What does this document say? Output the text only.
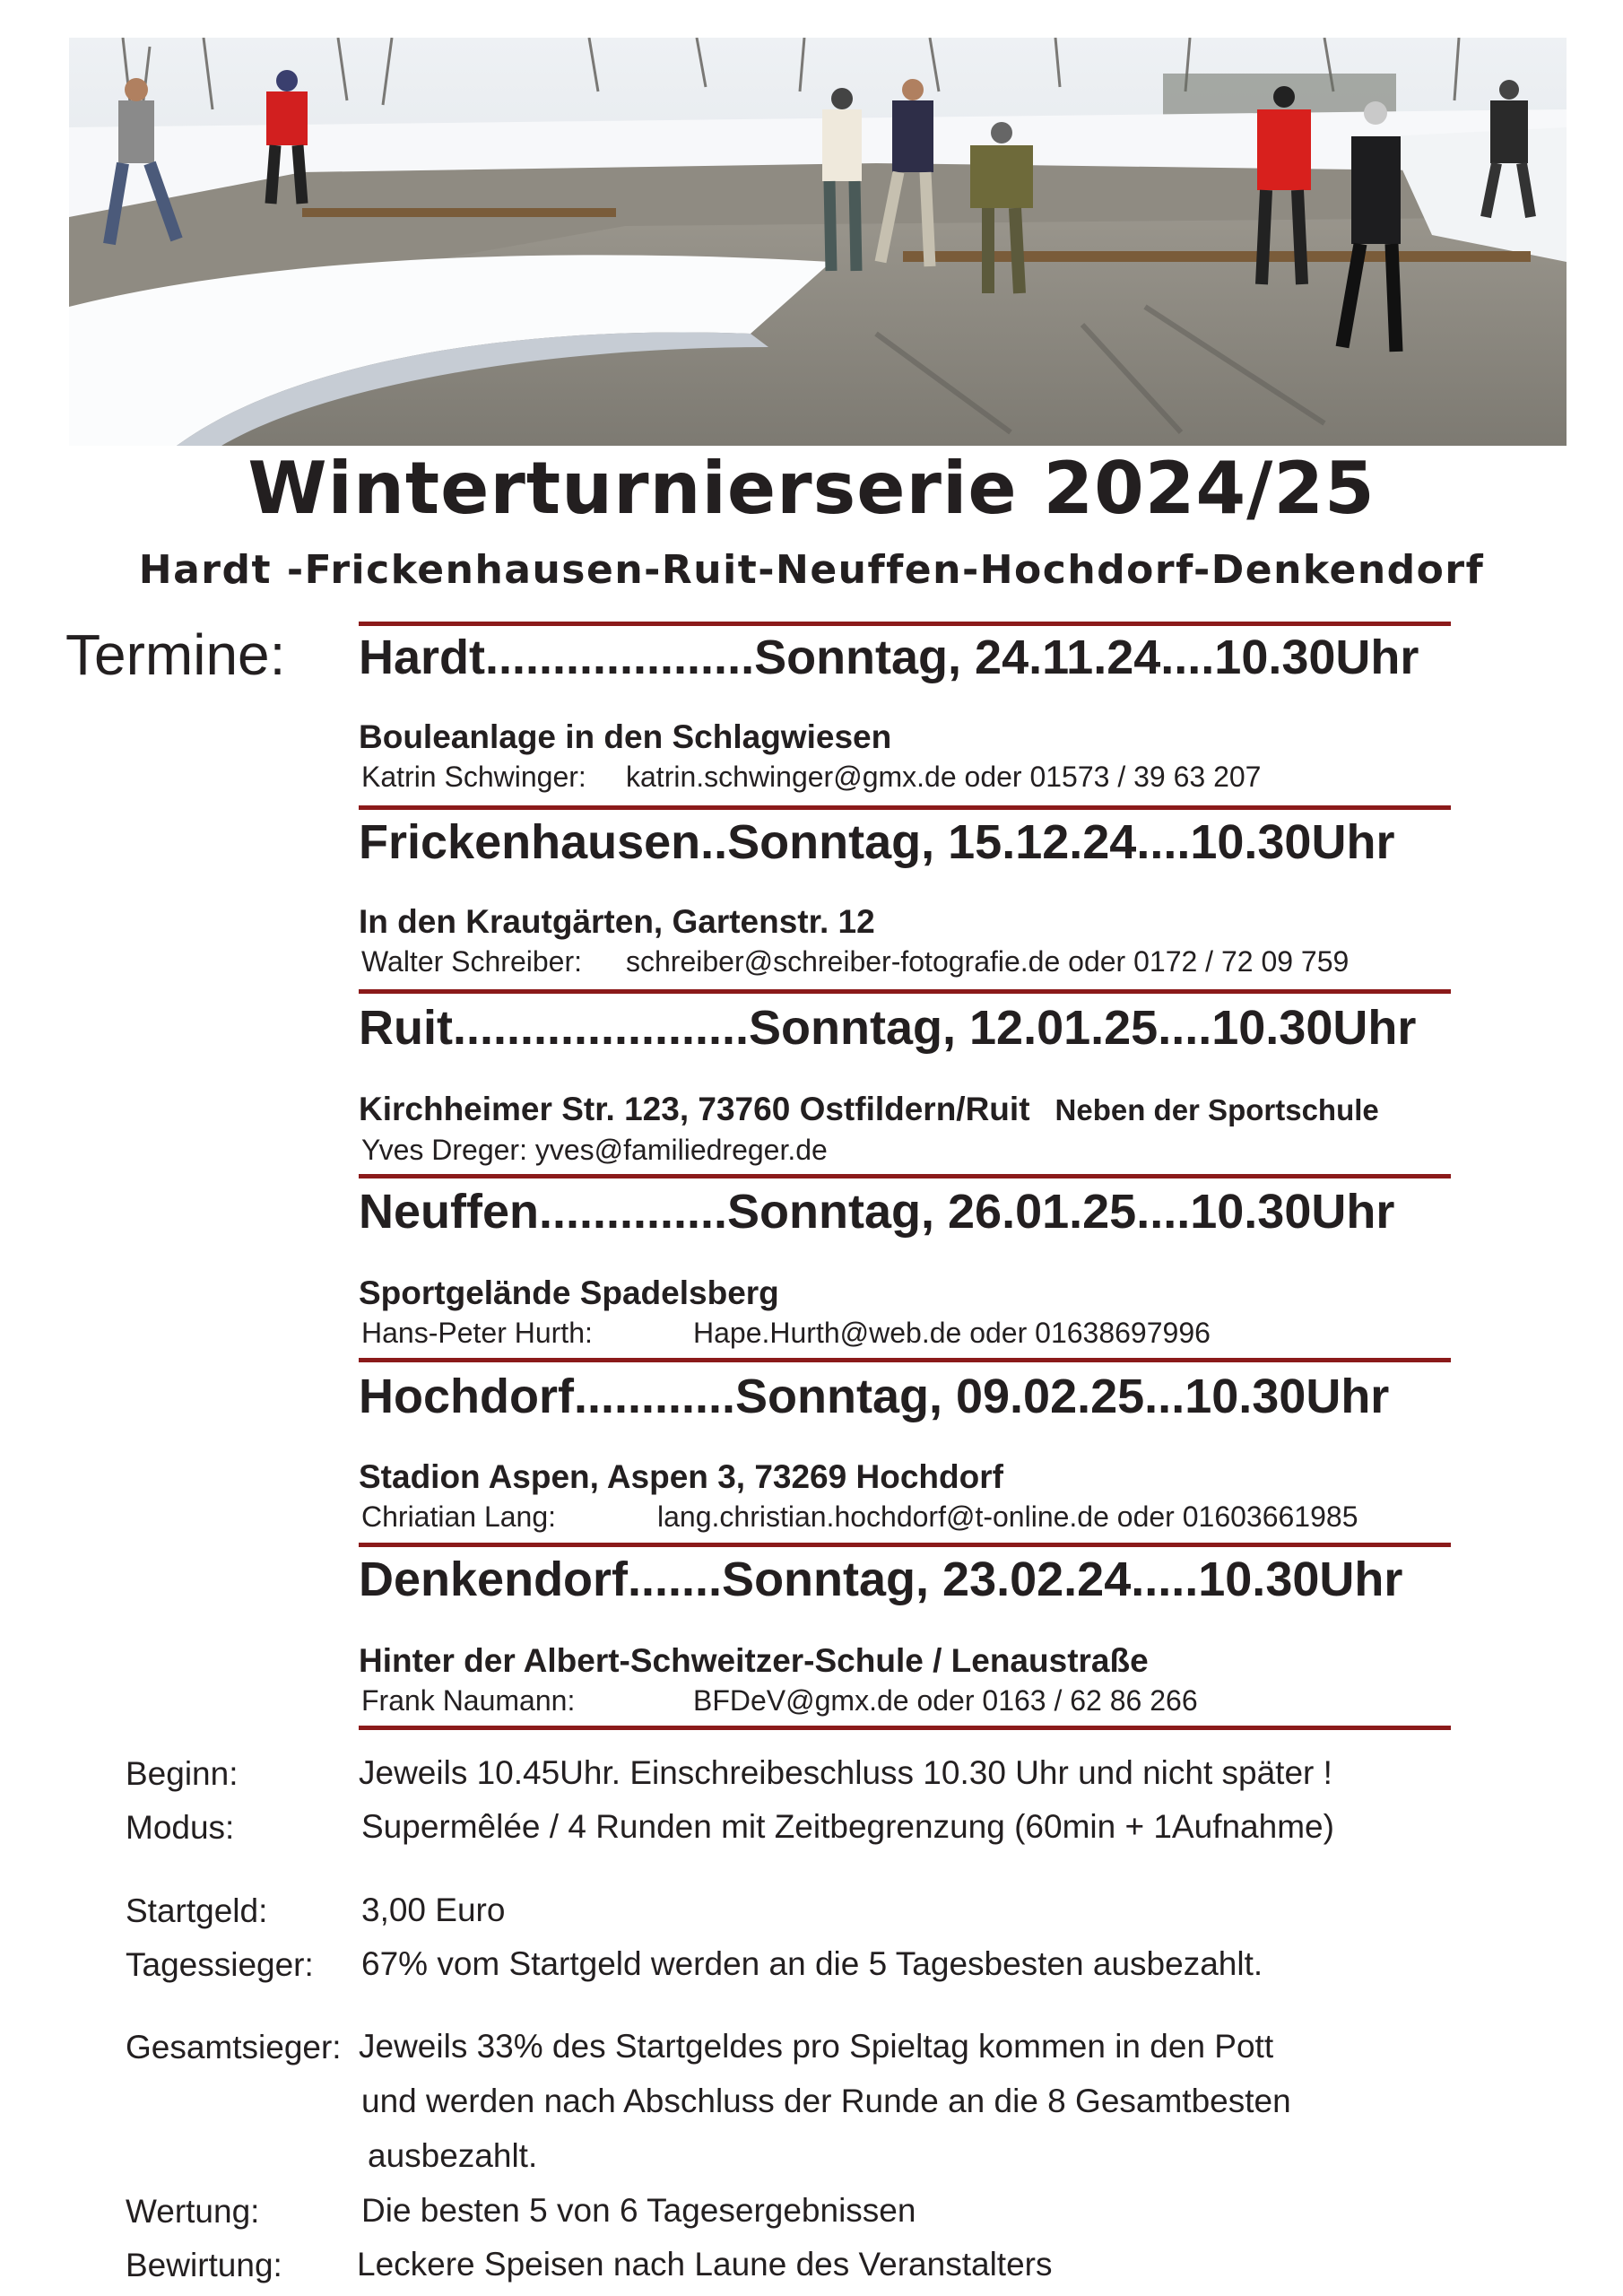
Winterturnierserie 2024/25
Hardt -Frickenhausen-Ruit-Neuffen-Hochdorf-Denkendorf
Termine: Hardt....................Sonntag, 24.11.24....10.30Uhr
Bouleanlage in den Schlagwiesen
Katrin Schwinger: katrin.schwinger@gmx.de oder 01573 / 39 63 207
Frickenhausen..Sonntag, 15.12.24....10.30Uhr
In den Krautgärten, Gartenstr. 12
Walter Schreiber: schreiber@schreiber-fotografie.de oder 0172 / 72 09 759
Ruit......................Sonntag, 12.01.25....10.30Uhr
Kirchheimer Str. 123, 73760 Ostfildern/Ruit Neben der Sportschule
Yves Dreger: yves@familiedreger.de
Neuffen..............Sonntag, 26.01.25....10.30Uhr
Sportgelände Spadelsberg
Hans-Peter Hurth:	Hape.Hurth@web.de oder 01638697996
Hochdorf............Sonntag, 09.02.25...10.30Uhr
Stadion Aspen, Aspen 3, 73269 Hochdorf
Chriatian Lang:	lang.christian.hochdorf@t-online.de oder 01603661985
Denkendorf.......Sonntag, 23.02.24.....10.30Uhr
Hinter der Albert-Schweitzer-Schule / Lenaustraße
Frank Naumann:	BFDeV@gmx.de oder 0163 / 62 86 266
Beginn:	Jeweils 10.45Uhr. Einschreibeschluss 10.30 Uhr und nicht später !
Modus:	Supermêlée / 4 Runden mit Zeitbegrenzung (60min + 1Aufnahme)
Startgeld:	3,00 Euro
Tagessieger: 67% vom Startgeld werden an die 5 Tagesbesten ausbezahlt.
Gesamtsieger: Jeweils 33% des Startgeldes pro Spieltag kommen in den Pott
und werden nach Abschluss der Runde an die 8 Gesamtbesten
ausbezahlt.
Wertung:	Die besten 5 von 6 Tagesergebnissen
Bewirtung: Leckere Speisen nach Laune des Veranstalters
